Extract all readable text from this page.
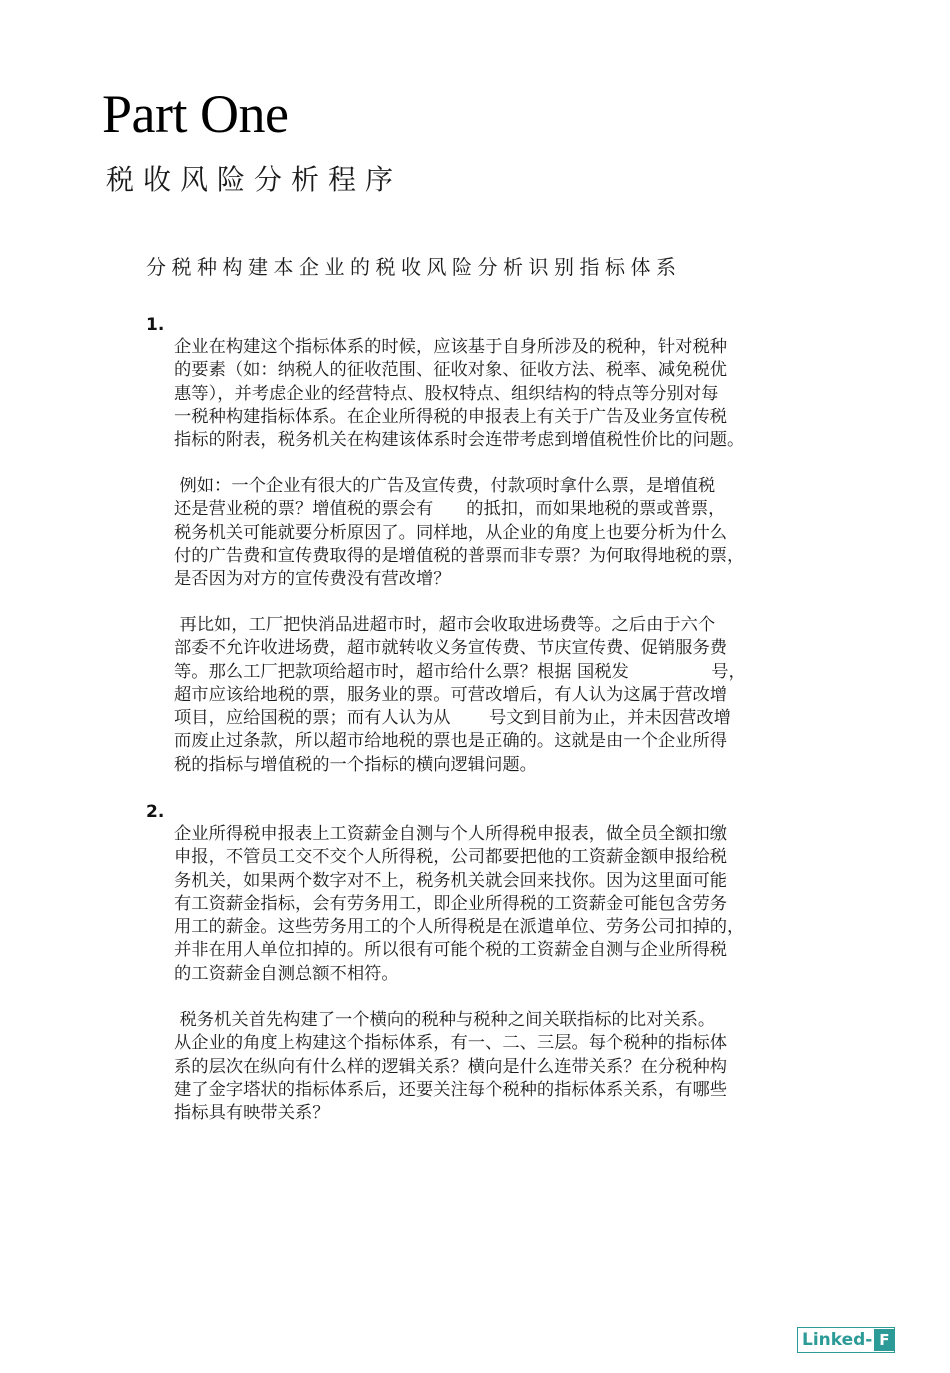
Part One
税收风险分析程序
分税种构建本企业的税收风险分析识别指标体系
1.

企业在构建这个指标体系的时候，应该基于自身所涉及的税种，针对税种
的要素（如：纳税人的征收范围、征收对象、征收方法、税率、减免税优
惠等），并考虑企业的经营特点、股权特点、组织结构的特点等分别对每
一税种构建指标体系。在企业所得税的申报表上有关于广告及业务宣传税
指标的附表，税务机关在构建该体系时会连带考虑到增值税性价比的问题。

例如：一个企业有很大的广告及宣传费，付款项时拿什么票，是增值税
还是营业税的票？增值税的票会有      的抵扣，而如果地税的票或普票，
税务机关可能就要分析原因了。同样地，从企业的角度上也要分析为什么
付的广告费和宣传费取得的是增值税的普票而非专票？为何取得地税的票，
是否因为对方的宣传费没有营改增？

再比如，工厂把快消品进超市时，超市会收取进场费等。之后由于六个
部委不允许收进场费，超市就转收义务宣传费、节庆宣传费、促销服务费
等。那么工厂把款项给超市时，超市给什么票？根据 国税发               号，
超市应该给地税的票，服务业的票。可营改增后，有人认为这属于营改增
项目，应给国税的票；而有人认为从       号文到目前为止，并未因营改增
而废止过条款，所以超市给地税的票也是正确的。这就是由一个企业所得
税的指标与增值税的一个指标的横向逻辑问题。

2.

企业所得税申报表上工资薪金自测与个人所得税申报表，做全员全额扣缴
申报，不管员工交不交个人所得税，公司都要把他的工资薪金额申报给税
务机关，如果两个数字对不上，税务机关就会回来找你。因为这里面可能
有工资薪金指标，会有劳务用工，即企业所得税的工资薪金可能包含劳务
用工的薪金。这些劳务用工的个人所得税是在派遣单位、劳务公司扣掉的，
并非在用人单位扣掉的。所以很有可能个税的工资薪金自测与企业所得税
的工资薪金自测总额不相符。

税务机关首先构建了一个横向的税种与税种之间关联指标的比对关系。
从企业的角度上构建这个指标体系，有一、二、三层。每个税种的指标体
系的层次在纵向有什么样的逻辑关系？横向是什么连带关系？在分税种构
建了金字塔状的指标体系后，还要关注每个税种的指标体系关系，有哪些
指标具有映带关系？

Linked- F
